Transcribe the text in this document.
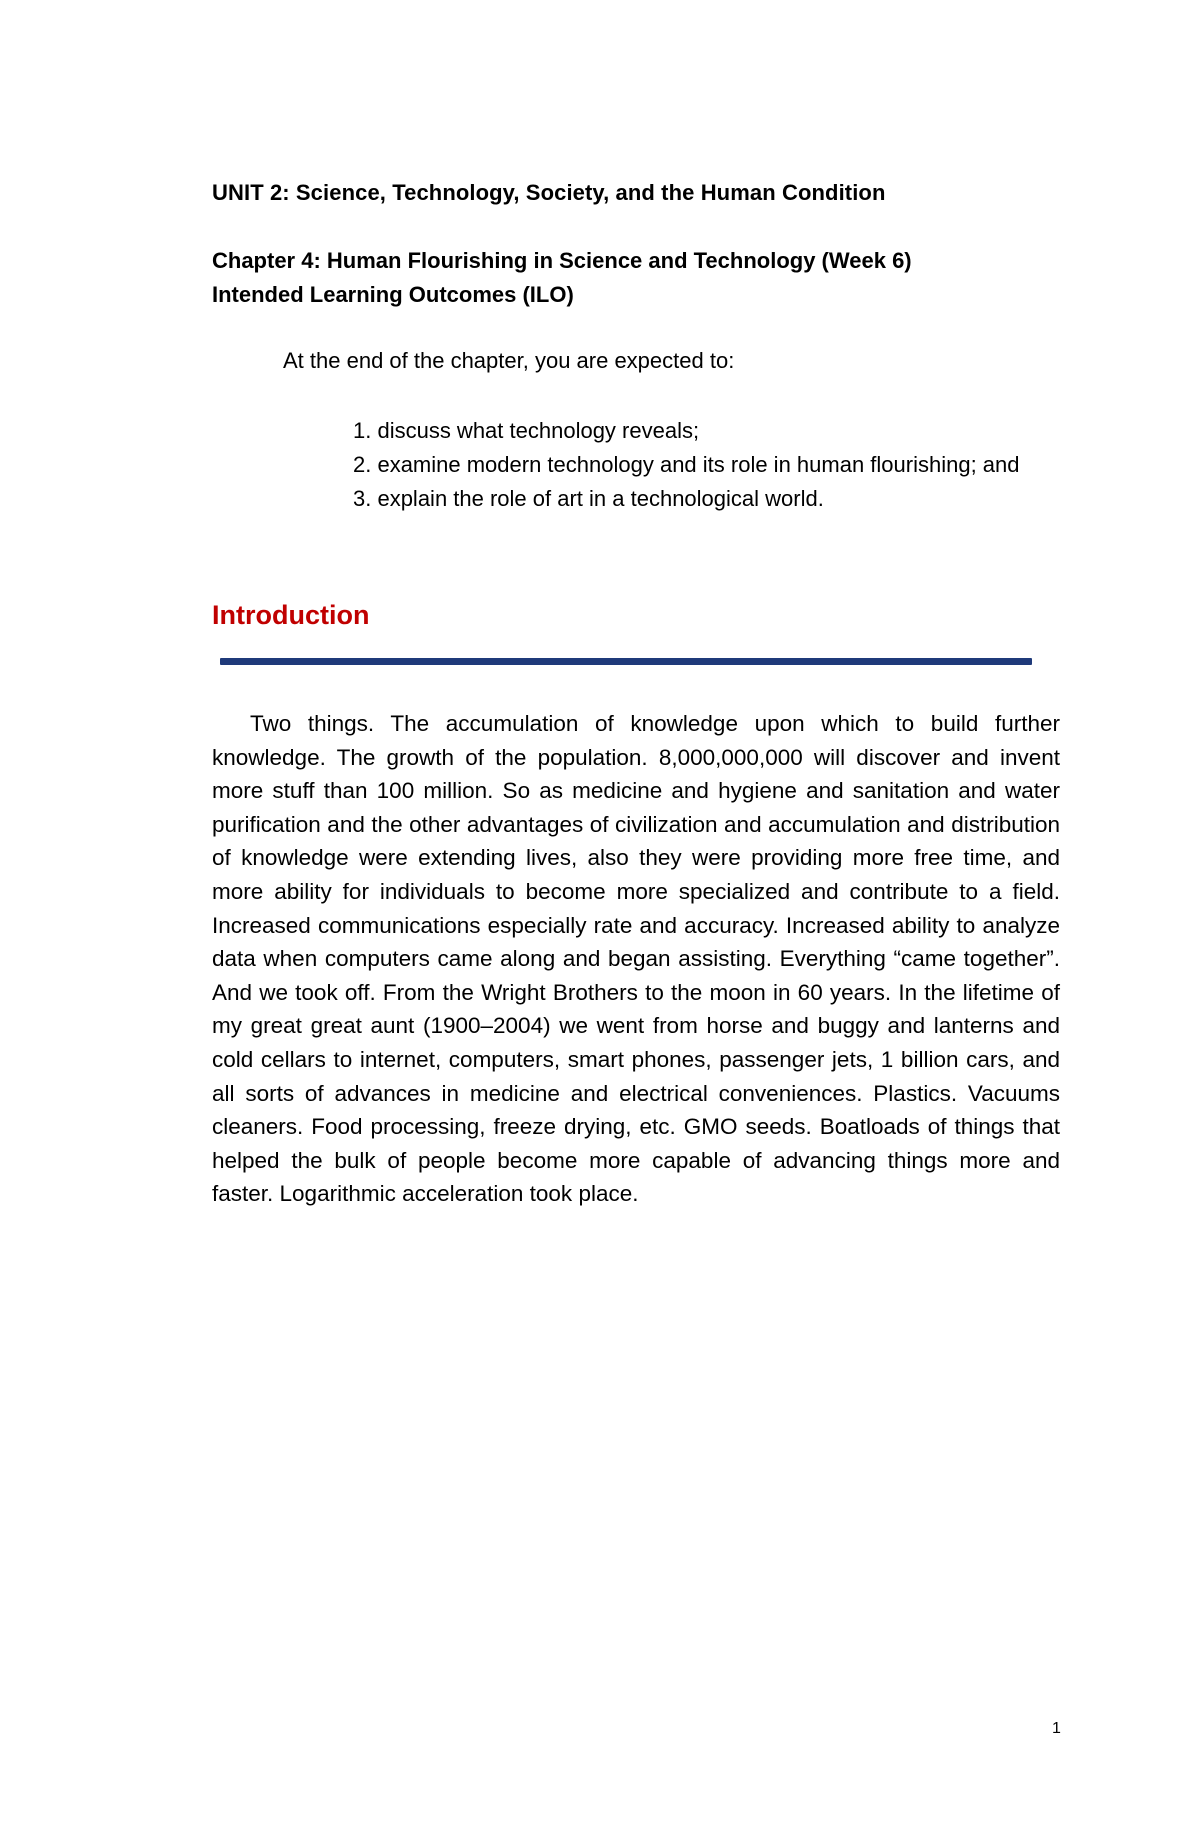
UNIT 2: Science, Technology, Society, and the Human Condition
Chapter 4: Human Flourishing in Science and Technology (Week 6)
Intended Learning Outcomes (ILO)
At the end of the chapter, you are expected to:
1. discuss what technology reveals;
2. examine modern technology and its role in human flourishing; and
3. explain the role of art in a technological world.
Introduction

Two things. The accumulation of knowledge upon which to build further knowledge. The growth of the population. 8,000,000,000 will discover and invent more stuff than 100 million. So as medicine and hygiene and sanitation and water purification and the other advantages of civilization and accumulation and distribution of knowledge were extending lives, also they were providing more free time, and more ability for individuals to become more specialized and contribute to a field. Increased communications especially rate and accuracy. Increased ability to analyze data when computers came along and began assisting. Everything “came together”. And we took off. From the Wright Brothers to the moon in 60 years. In the lifetime of my great great aunt (1900–2004) we went from horse and buggy and lanterns and cold cellars to internet, computers, smart phones, passenger jets, 1 billion cars, and all sorts of advances in medicine and electrical conveniences. Plastics. Vacuums cleaners. Food processing, freeze drying, etc. GMO seeds. Boatloads of things that helped the bulk of people become more capable of advancing things more and faster. Logarithmic acceleration took place.

1
